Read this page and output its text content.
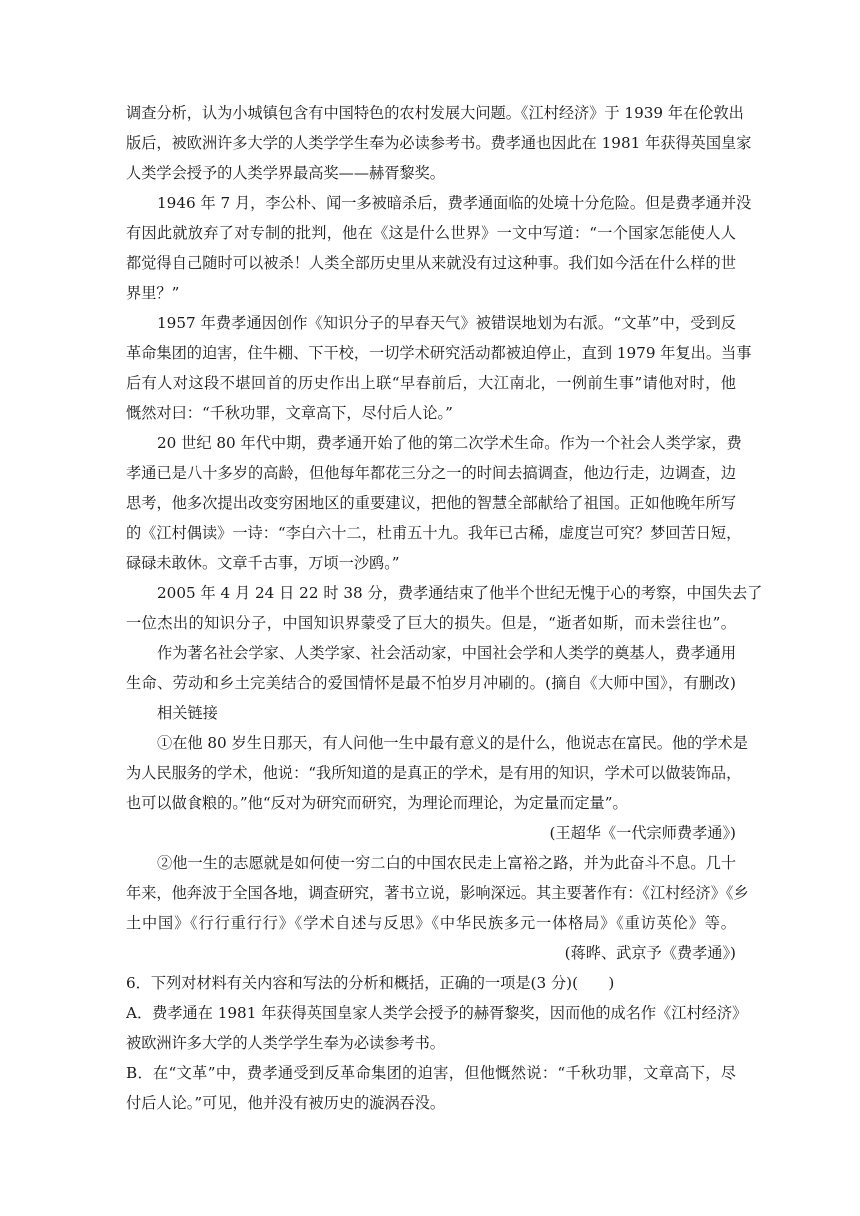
调查分析，认为小城镇包含有中国特色的农村发展大问题。《江村经济》于 1939 年在伦敦出
版后，被欧洲许多大学的人类学学生奉为必读参考书。费孝通也因此在 1981 年获得英国皇家
人类学会授予的人类学界最高奖——赫胥黎奖。
1946 年 7 月，李公朴、闻一多被暗杀后，费孝通面临的处境十分危险。但是费孝通并没
有因此就放弃了对专制的批判，他在《这是什么世界》一文中写道：“一个国家怎能使人人
都觉得自己随时可以被杀！人类全部历史里从来就没有过这种事。我们如今活在什么样的世
界里？”
1957 年费孝通因创作《知识分子的早春天气》被错误地划为右派。“文革”中，受到反
革命集团的迫害，住牛棚、下干校，一切学术研究活动都被迫停止，直到 1979 年复出。当事
后有人对这段不堪回首的历史作出上联“早春前后，大江南北，一例前生事”请他对时，他
慨然对曰：“千秋功罪，文章高下，尽付后人论。”
20 世纪 80 年代中期，费孝通开始了他的第二次学术生命。作为一个社会人类学家，费
孝通已是八十多岁的高龄，但他每年都花三分之一的时间去搞调查，他边行走，边调查，边
思考，他多次提出改变穷困地区的重要建议，把他的智慧全部献给了祖国。正如他晚年所写
的《江村偶读》一诗：“李白六十二，杜甫五十九。我年已古稀，虚度岂可究？梦回苦日短，
碌碌未敢休。文章千古事，万顷一沙鸥。”
2005 年 4 月 24 日 22 时 38 分，费孝通结束了他半个世纪无愧于心的考察，中国失去了
一位杰出的知识分子，中国知识界蒙受了巨大的损失。但是，“逝者如斯，而未尝往也”。
作为著名社会学家、人类学家、社会活动家，中国社会学和人类学的奠基人，费孝通用
生命、劳动和乡土完美结合的爱国情怀是最不怕岁月冲刷的。(摘自《大师中国》，有删改)
相关链接
①在他 80 岁生日那天，有人问他一生中最有意义的是什么，他说志在富民。他的学术是
为人民服务的学术，他说：“我所知道的是真正的学术，是有用的知识，学术可以做装饰品，
也可以做食粮的。”他“反对为研究而研究，为理论而理论，为定量而定量”。
(王超华《一代宗师费孝通》)
②他一生的志愿就是如何使一穷二白的中国农民走上富裕之路，并为此奋斗不息。几十
年来，他奔波于全国各地，调查研究，著书立说，影响深远。其主要著作有：《江村经济》《乡
土中国》《行行重行行》《学术自述与反思》《中华民族多元一体格局》《重访英伦》等。
(蒋晔、武京予《费孝通》)
6．下列对材料有关内容和写法的分析和概括，正确的一项是(3 分)(　　)
A．费孝通在 1981 年获得英国皇家人类学会授予的赫胥黎奖，因而他的成名作《江村经济》
被欧洲许多大学的人类学学生奉为必读参考书。
B．在“文革”中，费孝通受到反革命集团的迫害，但他慨然说：“千秋功罪，文章高下，尽
付后人论。”可见，他并没有被历史的漩涡吞没。
